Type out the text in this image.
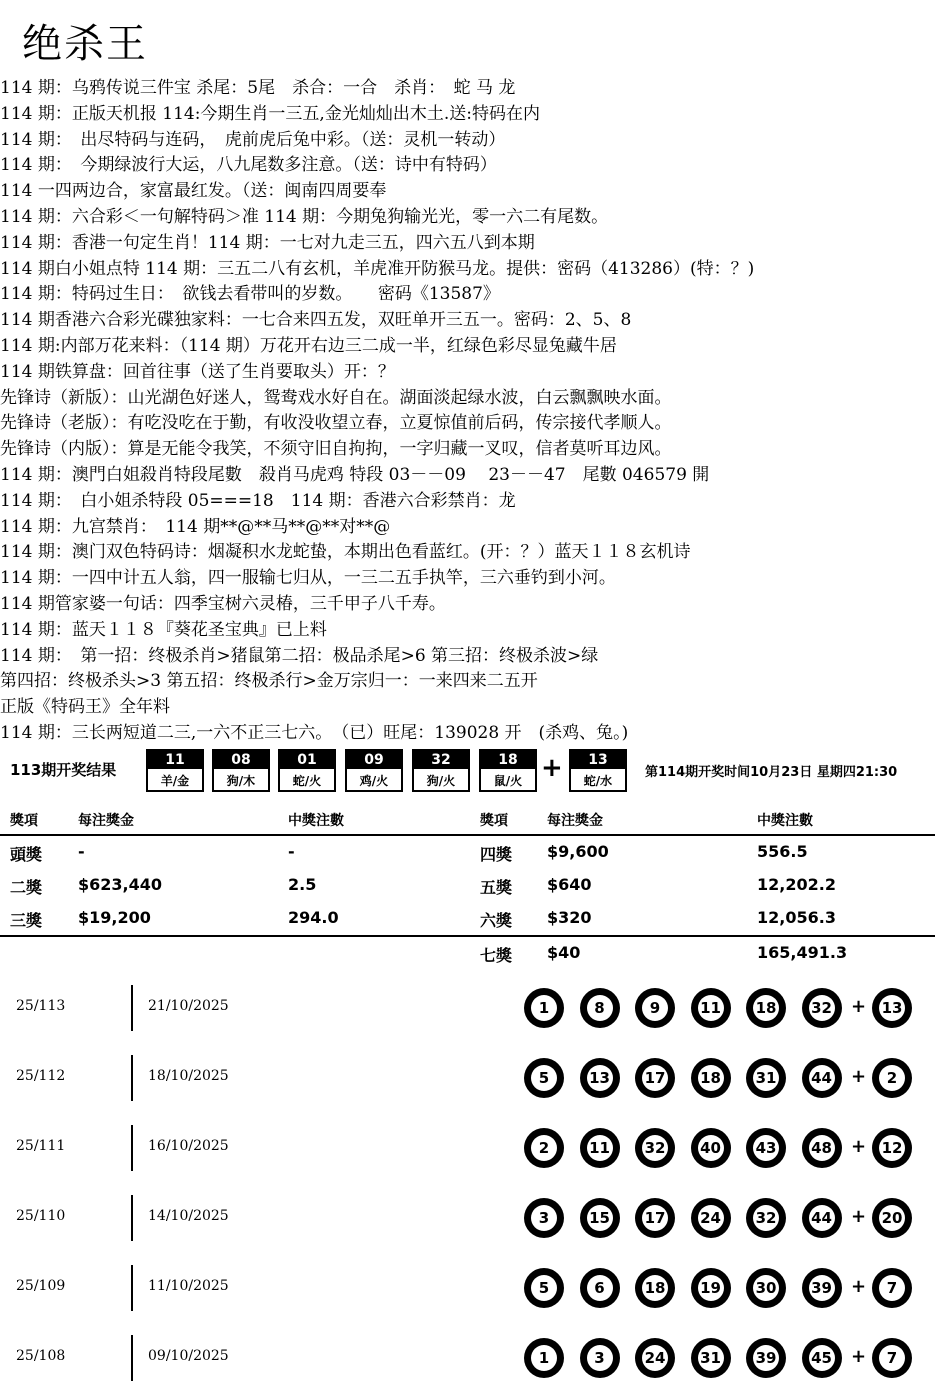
绝杀王
114 期：乌鸦传说三件宝 杀尾：5尾　杀合：一合　杀肖：　蛇 马 龙
114 期：正版天机报 114:今期生肖一三五,金光灿灿出木土.送:特码在内
114 期：　出尽特码与连码，　虎前虎后兔中彩。（送：灵机一转动）
114 期：　今期绿波行大运，八九尾数多注意。（送：诗中有特码）
114 一四两边合，家富最红发。（送：闽南四周要奉
114 期：六合彩＜一句解特码＞准 114 期：今期兔狗输光光，零一六二有尾数。
114 期：香港一句定生肖！114 期：一七对九走三五，四六五八到本期
114 期白小姐点特 114 期：三五二八有玄机，羊虎准开防猴马龙。提供：密码（413286）(特：？)
114 期：特码过生日：　欲钱去看带叫的岁数。　　密码《13587》
114 期香港六合彩光碟独家料：一七合来四五发，双旺单开三五一。密码：2、5、8
114 期:内部万花来料：（114 期）万花开右边三二成一半，红绿色彩尽显兔藏牛居
114 期铁算盘：回首往事（送了生肖要取头）开：？
先锋诗（新版）：山光湖色好迷人，鸳鸯戏水好自在。湖面淡起绿水波，白云飘飘映水面。
先锋诗（老版）：有吃没吃在于勤，有收没收望立春，立夏惊值前后码，传宗接代孝顺人。
先锋诗（内版）：算是无能令我笑，不须守旧自拘拘，一字归藏一叉叹，信者莫听耳边风。
114 期：澳門白姐殺肖特段尾數　殺肖马虎鸡 特段 03－－09　 23－－47　尾數 046579 開
114 期：　白小姐杀特段 05===18　114 期：香港六合彩禁肖：龙
114 期：九宫禁肖：　114 期**@**马**@**对**@
114 期：澳门双色特码诗：烟凝积水龙蛇蛰，本期出色看蓝红。(开：？）蓝天１１８玄机诗
114 期：一四中计五人翁，四一服输七归从，一三二五手执竿，三六垂钓到小河。
114 期管家婆一句话：四季宝树六灵椿，三千甲子八千寿。
114 期：蓝天１１８『葵花圣宝典』已上料
114 期：　第一招：终极杀肖>猪鼠第二招：极品杀尾>6 第三招：终极杀波>绿
第四招：终极杀头>3 第五招：终极杀行>金万宗归一：一来四来二五开
正版《特码王》全年料
114 期：三长两短道二三,一六不正三七六。　（已）旺尾：139028 开　(杀鸡、兔。)
113期开奖结果
11
羊/金
08
狗/木
01
蛇/火
09
鸡/火
32
狗/火
18
鼠/火 +	13
蛇/水
第114期开奖时间10月23日 星期四21:30
獎項	每注獎金	中獎注數	獎項	每注獎金	中獎注數
頭獎 -	-	四獎 $9,600	556.5
二獎 $623,440	2.5	五獎 $640	12,202.2
三獎 $19,200	294.0	六獎 $320	12,056.3
七獎 $40	165,491.3
25/113	21/10/2025	1	8	9	11 18 32 + 13
25/112	18/10/2025	5	13 17 18 31 44 +	2
25/111	16/10/2025	2	11 32 40 43 48 + 12
25/110	14/10/2025	3	15 17 24 32 44 + 20
25/109	11/10/2025	5	6	18 19 30 39 +	7
25/108	09/10/2025	1	3	24 31 39 45 +	7
